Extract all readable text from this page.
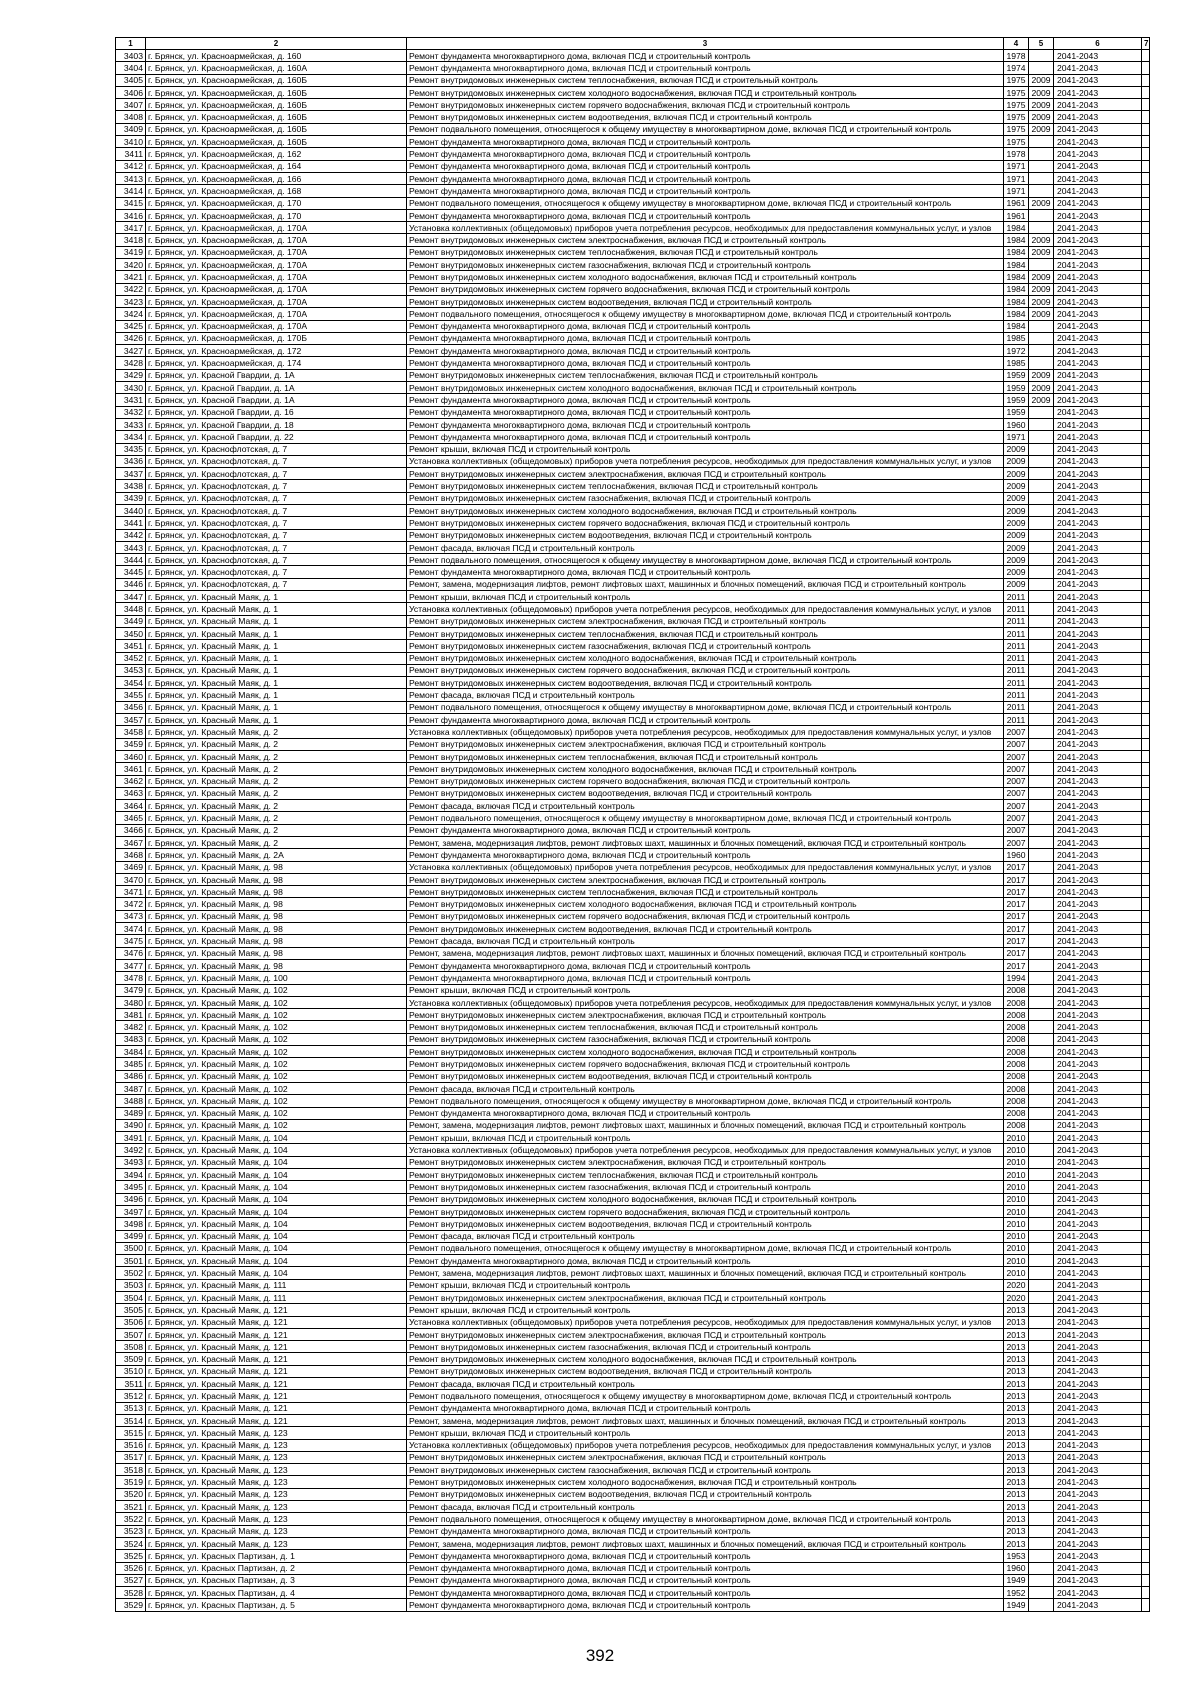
1	2	3	4	5	6	7
3403	г. Брянск, ул. Красноармейская, д. 160	Ремонт фундамента многоквартирного дома, включая ПСД и строительный контроль	1978		2041-2043	
3404	г. Брянск, ул. Красноармейская, д. 160А	Ремонт фундамента многоквартирного дома, включая ПСД и строительный контроль	1974		2041-2043	
3405	г. Брянск, ул. Красноармейская, д. 160Б	Ремонт внутридомовых инженерных систем теплоснабжения, включая ПСД и строительный контроль	1975	2009	2041-2043	
3406	г. Брянск, ул. Красноармейская, д. 160Б	Ремонт внутридомовых инженерных систем холодного водоснабжения, включая ПСД и строительный контроль	1975	2009	2041-2043	
3407	г. Брянск, ул. Красноармейская, д. 160Б	Ремонт внутридомовых инженерных систем горячего водоснабжения, включая ПСД и строительный контроль	1975	2009	2041-2043	
3408	г. Брянск, ул. Красноармейская, д. 160Б	Ремонт внутридомовых инженерных систем водоотведения, включая ПСД и строительный контроль	1975	2009	2041-2043	
3409	г. Брянск, ул. Красноармейская, д. 160Б	Ремонт подвального помещения, относящегося к общему имуществу в многоквартирном доме, включая ПСД и строительный контроль	1975	2009	2041-2043	
3410	г. Брянск, ул. Красноармейская, д. 160Б	Ремонт фундамента многоквартирного дома, включая ПСД и строительный контроль	1975		2041-2043	
3411	г. Брянск, ул. Красноармейская, д. 162	Ремонт фундамента многоквартирного дома, включая ПСД и строительный контроль	1978		2041-2043	
3412	г. Брянск, ул. Красноармейская, д. 164	Ремонт фундамента многоквартирного дома, включая ПСД и строительный контроль	1971		2041-2043	
3413	г. Брянск, ул. Красноармейская, д. 166	Ремонт фундамента многоквартирного дома, включая ПСД и строительный контроль	1971		2041-2043	
3414	г. Брянск, ул. Красноармейская, д. 168	Ремонт фундамента многоквартирного дома, включая ПСД и строительный контроль	1971		2041-2043	
3415	г. Брянск, ул. Красноармейская, д. 170	Ремонт подвального помещения, относящегося к общему имуществу в многоквартирном доме, включая ПСД и строительный контроль	1961	2009	2041-2043	
3416	г. Брянск, ул. Красноармейская, д. 170	Ремонт фундамента многоквартирного дома, включая ПСД и строительный контроль	1961		2041-2043	
3417	г. Брянск, ул. Красноармейская, д. 170А	Установка коллективных (общедомовых) приборов учета потребления ресурсов, необходимых для предоставления коммунальных услуг, и узлов	1984		2041-2043	
3418	г. Брянск, ул. Красноармейская, д. 170А	Ремонт внутридомовых инженерных систем электроснабжения, включая ПСД и строительный контроль	1984	2009	2041-2043	
3419	г. Брянск, ул. Красноармейская, д. 170А	Ремонт внутридомовых инженерных систем теплоснабжения, включая ПСД и строительный контроль	1984	2009	2041-2043	
3420	г. Брянск, ул. Красноармейская, д. 170А	Ремонт внутридомовых инженерных систем газоснабжения, включая ПСД и строительный контроль	1984		2041-2043	
3421	г. Брянск, ул. Красноармейская, д. 170А	Ремонт внутридомовых инженерных систем холодного водоснабжения, включая ПСД и строительный контроль	1984	2009	2041-2043	
3422	г. Брянск, ул. Красноармейская, д. 170А	Ремонт внутридомовых инженерных систем горячего водоснабжения, включая ПСД и строительный контроль	1984	2009	2041-2043	
3423	г. Брянск, ул. Красноармейская, д. 170А	Ремонт внутридомовых инженерных систем водоотведения, включая ПСД и строительный контроль	1984	2009	2041-2043	
3424	г. Брянск, ул. Красноармейская, д. 170А	Ремонт подвального помещения, относящегося к общему имуществу в многоквартирном доме, включая ПСД и строительный контроль	1984	2009	2041-2043	
3425	г. Брянск, ул. Красноармейская, д. 170А	Ремонт фундамента многоквартирного дома, включая ПСД и строительный контроль	1984		2041-2043	
3426	г. Брянск, ул. Красноармейская, д. 170Б	Ремонт фундамента многоквартирного дома, включая ПСД и строительный контроль	1985		2041-2043	
3427	г. Брянск, ул. Красноармейская, д. 172	Ремонт фундамента многоквартирного дома, включая ПСД и строительный контроль	1972		2041-2043	
3428	г. Брянск, ул. Красноармейская, д. 174	Ремонт фундамента многоквартирного дома, включая ПСД и строительный контроль	1985		2041-2043	
3429	г. Брянск, ул. Красной Гвардии, д. 1А	Ремонт внутридомовых инженерных систем теплоснабжения, включая ПСД и строительный контроль	1959	2009	2041-2043	
3430	г. Брянск, ул. Красной Гвардии, д. 1А	Ремонт внутридомовых инженерных систем холодного водоснабжения, включая ПСД и строительный контроль	1959	2009	2041-2043	
3431	г. Брянск, ул. Красной Гвардии, д. 1А	Ремонт фундамента многоквартирного дома, включая ПСД и строительный контроль	1959	2009	2041-2043	
3432	г. Брянск, ул. Красной Гвардии, д. 16	Ремонт фундамента многоквартирного дома, включая ПСД и строительный контроль	1959		2041-2043	
3433	г. Брянск, ул. Красной Гвардии, д. 18	Ремонт фундамента многоквартирного дома, включая ПСД и строительный контроль	1960		2041-2043	
3434	г. Брянск, ул. Красной Гвардии, д. 22	Ремонт фундамента многоквартирного дома, включая ПСД и строительный контроль	1971		2041-2043	
3435	г. Брянск, ул. Краснофлотская, д. 7	Ремонт крыши, включая ПСД и строительный контроль	2009		2041-2043	
3436	г. Брянск, ул. Краснофлотская, д. 7	Установка коллективных (общедомовых) приборов учета потребления ресурсов, необходимых для предоставления коммунальных услуг, и узлов	2009		2041-2043	
3437	г. Брянск, ул. Краснофлотская, д. 7	Ремонт внутридомовых инженерных систем электроснабжения, включая ПСД и строительный контроль	2009		2041-2043	
3438	г. Брянск, ул. Краснофлотская, д. 7	Ремонт внутридомовых инженерных систем теплоснабжения, включая ПСД и строительный контроль	2009		2041-2043	
3439	г. Брянск, ул. Краснофлотская, д. 7	Ремонт внутридомовых инженерных систем газоснабжения, включая ПСД и строительный контроль	2009		2041-2043	
3440	г. Брянск, ул. Краснофлотская, д. 7	Ремонт внутридомовых инженерных систем холодного водоснабжения, включая ПСД и строительный контроль	2009		2041-2043	
3441	г. Брянск, ул. Краснофлотская, д. 7	Ремонт внутридомовых инженерных систем горячего водоснабжения, включая ПСД и строительный контроль	2009		2041-2043	
3442	г. Брянск, ул. Краснофлотская, д. 7	Ремонт внутридомовых инженерных систем водоотведения, включая ПСД и строительный контроль	2009		2041-2043	
3443	г. Брянск, ул. Краснофлотская, д. 7	Ремонт фасада, включая ПСД и строительный контроль	2009		2041-2043	
3444	г. Брянск, ул. Краснофлотская, д. 7	Ремонт подвального помещения, относящегося к общему имуществу в многоквартирном доме, включая ПСД и строительный контроль	2009		2041-2043	
3445	г. Брянск, ул. Краснофлотская, д. 7	Ремонт фундамента многоквартирного дома, включая ПСД и строительный контроль	2009		2041-2043	
3446	г. Брянск, ул. Краснофлотская, д. 7	Ремонт, замена, модернизация лифтов, ремонт лифтовых шахт, машинных и блочных помещений, включая ПСД и строительный контроль	2009		2041-2043	
3447	г. Брянск, ул. Красный Маяк, д. 1	Ремонт крыши, включая ПСД и строительный контроль	2011		2041-2043	
3448	г. Брянск, ул. Красный Маяк, д. 1	Установка коллективных (общедомовых) приборов учета потребления ресурсов, необходимых для предоставления коммунальных услуг, и узлов	2011		2041-2043	
3449	г. Брянск, ул. Красный Маяк, д. 1	Ремонт внутридомовых инженерных систем электроснабжения, включая ПСД и строительный контроль	2011		2041-2043	
3450	г. Брянск, ул. Красный Маяк, д. 1	Ремонт внутридомовых инженерных систем теплоснабжения, включая ПСД и строительный контроль	2011		2041-2043	
3451	г. Брянск, ул. Красный Маяк, д. 1	Ремонт внутридомовых инженерных систем газоснабжения, включая ПСД и строительный контроль	2011		2041-2043	
3452	г. Брянск, ул. Красный Маяк, д. 1	Ремонт внутридомовых инженерных систем холодного водоснабжения, включая ПСД и строительный контроль	2011		2041-2043	
3453	г. Брянск, ул. Красный Маяк, д. 1	Ремонт внутридомовых инженерных систем горячего водоснабжения, включая ПСД и строительный контроль	2011		2041-2043	
3454	г. Брянск, ул. Красный Маяк, д. 1	Ремонт внутридомовых инженерных систем водоотведения, включая ПСД и строительный контроль	2011		2041-2043	
3455	г. Брянск, ул. Красный Маяк, д. 1	Ремонт фасада, включая ПСД и строительный контроль	2011		2041-2043	
3456	г. Брянск, ул. Красный Маяк, д. 1	Ремонт подвального помещения, относящегося к общему имуществу в многоквартирном доме, включая ПСД и строительный контроль	2011		2041-2043	
3457	г. Брянск, ул. Красный Маяк, д. 1	Ремонт фундамента многоквартирного дома, включая ПСД и строительный контроль	2011		2041-2043	
3458	г. Брянск, ул. Красный Маяк, д. 2	Установка коллективных (общедомовых) приборов учета потребления ресурсов, необходимых для предоставления коммунальных услуг, и узлов	2007		2041-2043	
3459	г. Брянск, ул. Красный Маяк, д. 2	Ремонт внутридомовых инженерных систем электроснабжения, включая ПСД и строительный контроль	2007		2041-2043	
3460	г. Брянск, ул. Красный Маяк, д. 2	Ремонт внутридомовых инженерных систем теплоснабжения, включая ПСД и строительный контроль	2007		2041-2043	
3461	г. Брянск, ул. Красный Маяк, д. 2	Ремонт внутридомовых инженерных систем холодного водоснабжения, включая ПСД и строительный контроль	2007		2041-2043	
3462	г. Брянск, ул. Красный Маяк, д. 2	Ремонт внутридомовых инженерных систем горячего водоснабжения, включая ПСД и строительный контроль	2007		2041-2043	
3463	г. Брянск, ул. Красный Маяк, д. 2	Ремонт внутридомовых инженерных систем водоотведения, включая ПСД и строительный контроль	2007		2041-2043	
3464	г. Брянск, ул. Красный Маяк, д. 2	Ремонт фасада, включая ПСД и строительный контроль	2007		2041-2043	
3465	г. Брянск, ул. Красный Маяк, д. 2	Ремонт подвального помещения, относящегося к общему имуществу в многоквартирном доме, включая ПСД и строительный контроль	2007		2041-2043	
3466	г. Брянск, ул. Красный Маяк, д. 2	Ремонт фундамента многоквартирного дома, включая ПСД и строительный контроль	2007		2041-2043	
3467	г. Брянск, ул. Красный Маяк, д. 2	Ремонт, замена, модернизация лифтов, ремонт лифтовых шахт, машинных и блочных помещений, включая ПСД и строительный контроль	2007		2041-2043	
3468	г. Брянск, ул. Красный Маяк, д. 2А	Ремонт фундамента многоквартирного дома, включая ПСД и строительный контроль	1960		2041-2043	
3469	г. Брянск, ул. Красный Маяк, д. 98	Установка коллективных (общедомовых) приборов учета потребления ресурсов, необходимых для предоставления коммунальных услуг, и узлов	2017		2041-2043	
3470	г. Брянск, ул. Красный Маяк, д. 98	Ремонт внутридомовых инженерных систем электроснабжения, включая ПСД и строительный контроль	2017		2041-2043	
3471	г. Брянск, ул. Красный Маяк, д. 98	Ремонт внутридомовых инженерных систем теплоснабжения, включая ПСД и строительный контроль	2017		2041-2043	
3472	г. Брянск, ул. Красный Маяк, д. 98	Ремонт внутридомовых инженерных систем холодного водоснабжения, включая ПСД и строительный контроль	2017		2041-2043	
3473	г. Брянск, ул. Красный Маяк, д. 98	Ремонт внутридомовых инженерных систем горячего водоснабжения, включая ПСД и строительный контроль	2017		2041-2043	
3474	г. Брянск, ул. Красный Маяк, д. 98	Ремонт внутридомовых инженерных систем водоотведения, включая ПСД и строительный контроль	2017		2041-2043	
3475	г. Брянск, ул. Красный Маяк, д. 98	Ремонт фасада, включая ПСД и строительный контроль	2017		2041-2043	
3476	г. Брянск, ул. Красный Маяк, д. 98	Ремонт, замена, модернизация лифтов, ремонт лифтовых шахт, машинных и блочных помещений, включая ПСД и строительный контроль	2017		2041-2043	
3477	г. Брянск, ул. Красный Маяк, д. 98	Ремонт фундамента многоквартирного дома, включая ПСД и строительный контроль	2017		2041-2043	
3478	г. Брянск, ул. Красный Маяк, д. 100	Ремонт фундамента многоквартирного дома, включая ПСД и строительный контроль	1994		2041-2043	
3479	г. Брянск, ул. Красный Маяк, д. 102	Ремонт крыши, включая ПСД и строительный контроль	2008		2041-2043	
3480	г. Брянск, ул. Красный Маяк, д. 102	Установка коллективных (общедомовых) приборов учета потребления ресурсов, необходимых для предоставления коммунальных услуг, и узлов	2008		2041-2043	
3481	г. Брянск, ул. Красный Маяк, д. 102	Ремонт внутридомовых инженерных систем электроснабжения, включая ПСД и строительный контроль	2008		2041-2043	
3482	г. Брянск, ул. Красный Маяк, д. 102	Ремонт внутридомовых инженерных систем теплоснабжения, включая ПСД и строительный контроль	2008		2041-2043	
3483	г. Брянск, ул. Красный Маяк, д. 102	Ремонт внутридомовых инженерных систем газоснабжения, включая ПСД и строительный контроль	2008		2041-2043	
3484	г. Брянск, ул. Красный Маяк, д. 102	Ремонт внутридомовых инженерных систем холодного водоснабжения, включая ПСД и строительный контроль	2008		2041-2043	
3485	г. Брянск, ул. Красный Маяк, д. 102	Ремонт внутридомовых инженерных систем горячего водоснабжения, включая ПСД и строительный контроль	2008		2041-2043	
3486	г. Брянск, ул. Красный Маяк, д. 102	Ремонт внутридомовых инженерных систем водоотведения, включая ПСД и строительный контроль	2008		2041-2043	
3487	г. Брянск, ул. Красный Маяк, д. 102	Ремонт фасада, включая ПСД и строительный контроль	2008		2041-2043	
3488	г. Брянск, ул. Красный Маяк, д. 102	Ремонт подвального помещения, относящегося к общему имуществу в многоквартирном доме, включая ПСД и строительный контроль	2008		2041-2043	
3489	г. Брянск, ул. Красный Маяк, д. 102	Ремонт фундамента многоквартирного дома, включая ПСД и строительный контроль	2008		2041-2043	
3490	г. Брянск, ул. Красный Маяк, д. 102	Ремонт, замена, модернизация лифтов, ремонт лифтовых шахт, машинных и блочных помещений, включая ПСД и строительный контроль	2008		2041-2043	
3491	г. Брянск, ул. Красный Маяк, д. 104	Ремонт крыши, включая ПСД и строительный контроль	2010		2041-2043	
3492	г. Брянск, ул. Красный Маяк, д. 104	Установка коллективных (общедомовых) приборов учета потребления ресурсов, необходимых для предоставления коммунальных услуг, и узлов	2010		2041-2043	
3493	г. Брянск, ул. Красный Маяк, д. 104	Ремонт внутридомовых инженерных систем электроснабжения, включая ПСД и строительный контроль	2010		2041-2043	
3494	г. Брянск, ул. Красный Маяк, д. 104	Ремонт внутридомовых инженерных систем теплоснабжения, включая ПСД и строительный контроль	2010		2041-2043	
3495	г. Брянск, ул. Красный Маяк, д. 104	Ремонт внутридомовых инженерных систем газоснабжения, включая ПСД и строительный контроль	2010		2041-2043	
3496	г. Брянск, ул. Красный Маяк, д. 104	Ремонт внутридомовых инженерных систем холодного водоснабжения, включая ПСД и строительный контроль	2010		2041-2043	
3497	г. Брянск, ул. Красный Маяк, д. 104	Ремонт внутридомовых инженерных систем горячего водоснабжения, включая ПСД и строительный контроль	2010		2041-2043	
3498	г. Брянск, ул. Красный Маяк, д. 104	Ремонт внутридомовых инженерных систем водоотведения, включая ПСД и строительный контроль	2010		2041-2043	
3499	г. Брянск, ул. Красный Маяк, д. 104	Ремонт фасада, включая ПСД и строительный контроль	2010		2041-2043	
3500	г. Брянск, ул. Красный Маяк, д. 104	Ремонт подвального помещения, относящегося к общему имуществу в многоквартирном доме, включая ПСД и строительный контроль	2010		2041-2043	
3501	г. Брянск, ул. Красный Маяк, д. 104	Ремонт фундамента многоквартирного дома, включая ПСД и строительный контроль	2010		2041-2043	
3502	г. Брянск, ул. Красный Маяк, д. 104	Ремонт, замена, модернизация лифтов, ремонт лифтовых шахт, машинных и блочных помещений, включая ПСД и строительный контроль	2010		2041-2043	
3503	г. Брянск, ул. Красный Маяк, д. 111	Ремонт крыши, включая ПСД и строительный контроль	2020		2041-2043	
3504	г. Брянск, ул. Красный Маяк, д. 111	Ремонт внутридомовых инженерных систем электроснабжения, включая ПСД и строительный контроль	2020		2041-2043	
3505	г. Брянск, ул. Красный Маяк, д. 121	Ремонт крыши, включая ПСД и строительный контроль	2013		2041-2043	
3506	г. Брянск, ул. Красный Маяк, д. 121	Установка коллективных (общедомовых) приборов учета потребления ресурсов, необходимых для предоставления коммунальных услуг, и узлов	2013		2041-2043	
3507	г. Брянск, ул. Красный Маяк, д. 121	Ремонт внутридомовых инженерных систем электроснабжения, включая ПСД и строительный контроль	2013		2041-2043	
3508	г. Брянск, ул. Красный Маяк, д. 121	Ремонт внутридомовых инженерных систем газоснабжения, включая ПСД и строительный контроль	2013		2041-2043	
3509	г. Брянск, ул. Красный Маяк, д. 121	Ремонт внутридомовых инженерных систем холодного водоснабжения, включая ПСД и строительный контроль	2013		2041-2043	
3510	г. Брянск, ул. Красный Маяк, д. 121	Ремонт внутридомовых инженерных систем водоотведения, включая ПСД и строительный контроль	2013		2041-2043	
3511	г. Брянск, ул. Красный Маяк, д. 121	Ремонт фасада, включая ПСД и строительный контроль	2013		2041-2043	
3512	г. Брянск, ул. Красный Маяк, д. 121	Ремонт подвального помещения, относящегося к общему имуществу в многоквартирном доме, включая ПСД и строительный контроль	2013		2041-2043	
3513	г. Брянск, ул. Красный Маяк, д. 121	Ремонт фундамента многоквартирного дома, включая ПСД и строительный контроль	2013		2041-2043	
3514	г. Брянск, ул. Красный Маяк, д. 121	Ремонт, замена, модернизация лифтов, ремонт лифтовых шахт, машинных и блочных помещений, включая ПСД и строительный контроль	2013		2041-2043	
3515	г. Брянск, ул. Красный Маяк, д. 123	Ремонт крыши, включая ПСД и строительный контроль	2013		2041-2043	
3516	г. Брянск, ул. Красный Маяк, д. 123	Установка коллективных (общедомовых) приборов учета потребления ресурсов, необходимых для предоставления коммунальных услуг, и узлов	2013		2041-2043	
3517	г. Брянск, ул. Красный Маяк, д. 123	Ремонт внутридомовых инженерных систем электроснабжения, включая ПСД и строительный контроль	2013		2041-2043	
3518	г. Брянск, ул. Красный Маяк, д. 123	Ремонт внутридомовых инженерных систем газоснабжения, включая ПСД и строительный контроль	2013		2041-2043	
3519	г. Брянск, ул. Красный Маяк, д. 123	Ремонт внутридомовых инженерных систем холодного водоснабжения, включая ПСД и строительный контроль	2013		2041-2043	
3520	г. Брянск, ул. Красный Маяк, д. 123	Ремонт внутридомовых инженерных систем водоотведения, включая ПСД и строительный контроль	2013		2041-2043	
3521	г. Брянск, ул. Красный Маяк, д. 123	Ремонт фасада, включая ПСД и строительный контроль	2013		2041-2043	
3522	г. Брянск, ул. Красный Маяк, д. 123	Ремонт подвального помещения, относящегося к общему имуществу в многоквартирном доме, включая ПСД и строительный контроль	2013		2041-2043	
3523	г. Брянск, ул. Красный Маяк, д. 123	Ремонт фундамента многоквартирного дома, включая ПСД и строительный контроль	2013		2041-2043	
3524	г. Брянск, ул. Красный Маяк, д. 123	Ремонт, замена, модернизация лифтов, ремонт лифтовых шахт, машинных и блочных помещений, включая ПСД и строительный контроль	2013		2041-2043	
3525	г. Брянск, ул. Красных Партизан, д. 1	Ремонт фундамента многоквартирного дома, включая ПСД и строительный контроль	1953		2041-2043	
3526	г. Брянск, ул. Красных Партизан, д. 2	Ремонт фундамента многоквартирного дома, включая ПСД и строительный контроль	1960		2041-2043	
3527	г. Брянск, ул. Красных Партизан, д. 3	Ремонт фундамента многоквартирного дома, включая ПСД и строительный контроль	1949		2041-2043	
3528	г. Брянск, ул. Красных Партизан, д. 4	Ремонт фундамента многоквартирного дома, включая ПСД и строительный контроль	1952		2041-2043	
3529	г. Брянск, ул. Красных Партизан, д. 5	Ремонт фундамента многоквартирного дома, включая ПСД и строительный контроль	1949		2041-2043	
392
